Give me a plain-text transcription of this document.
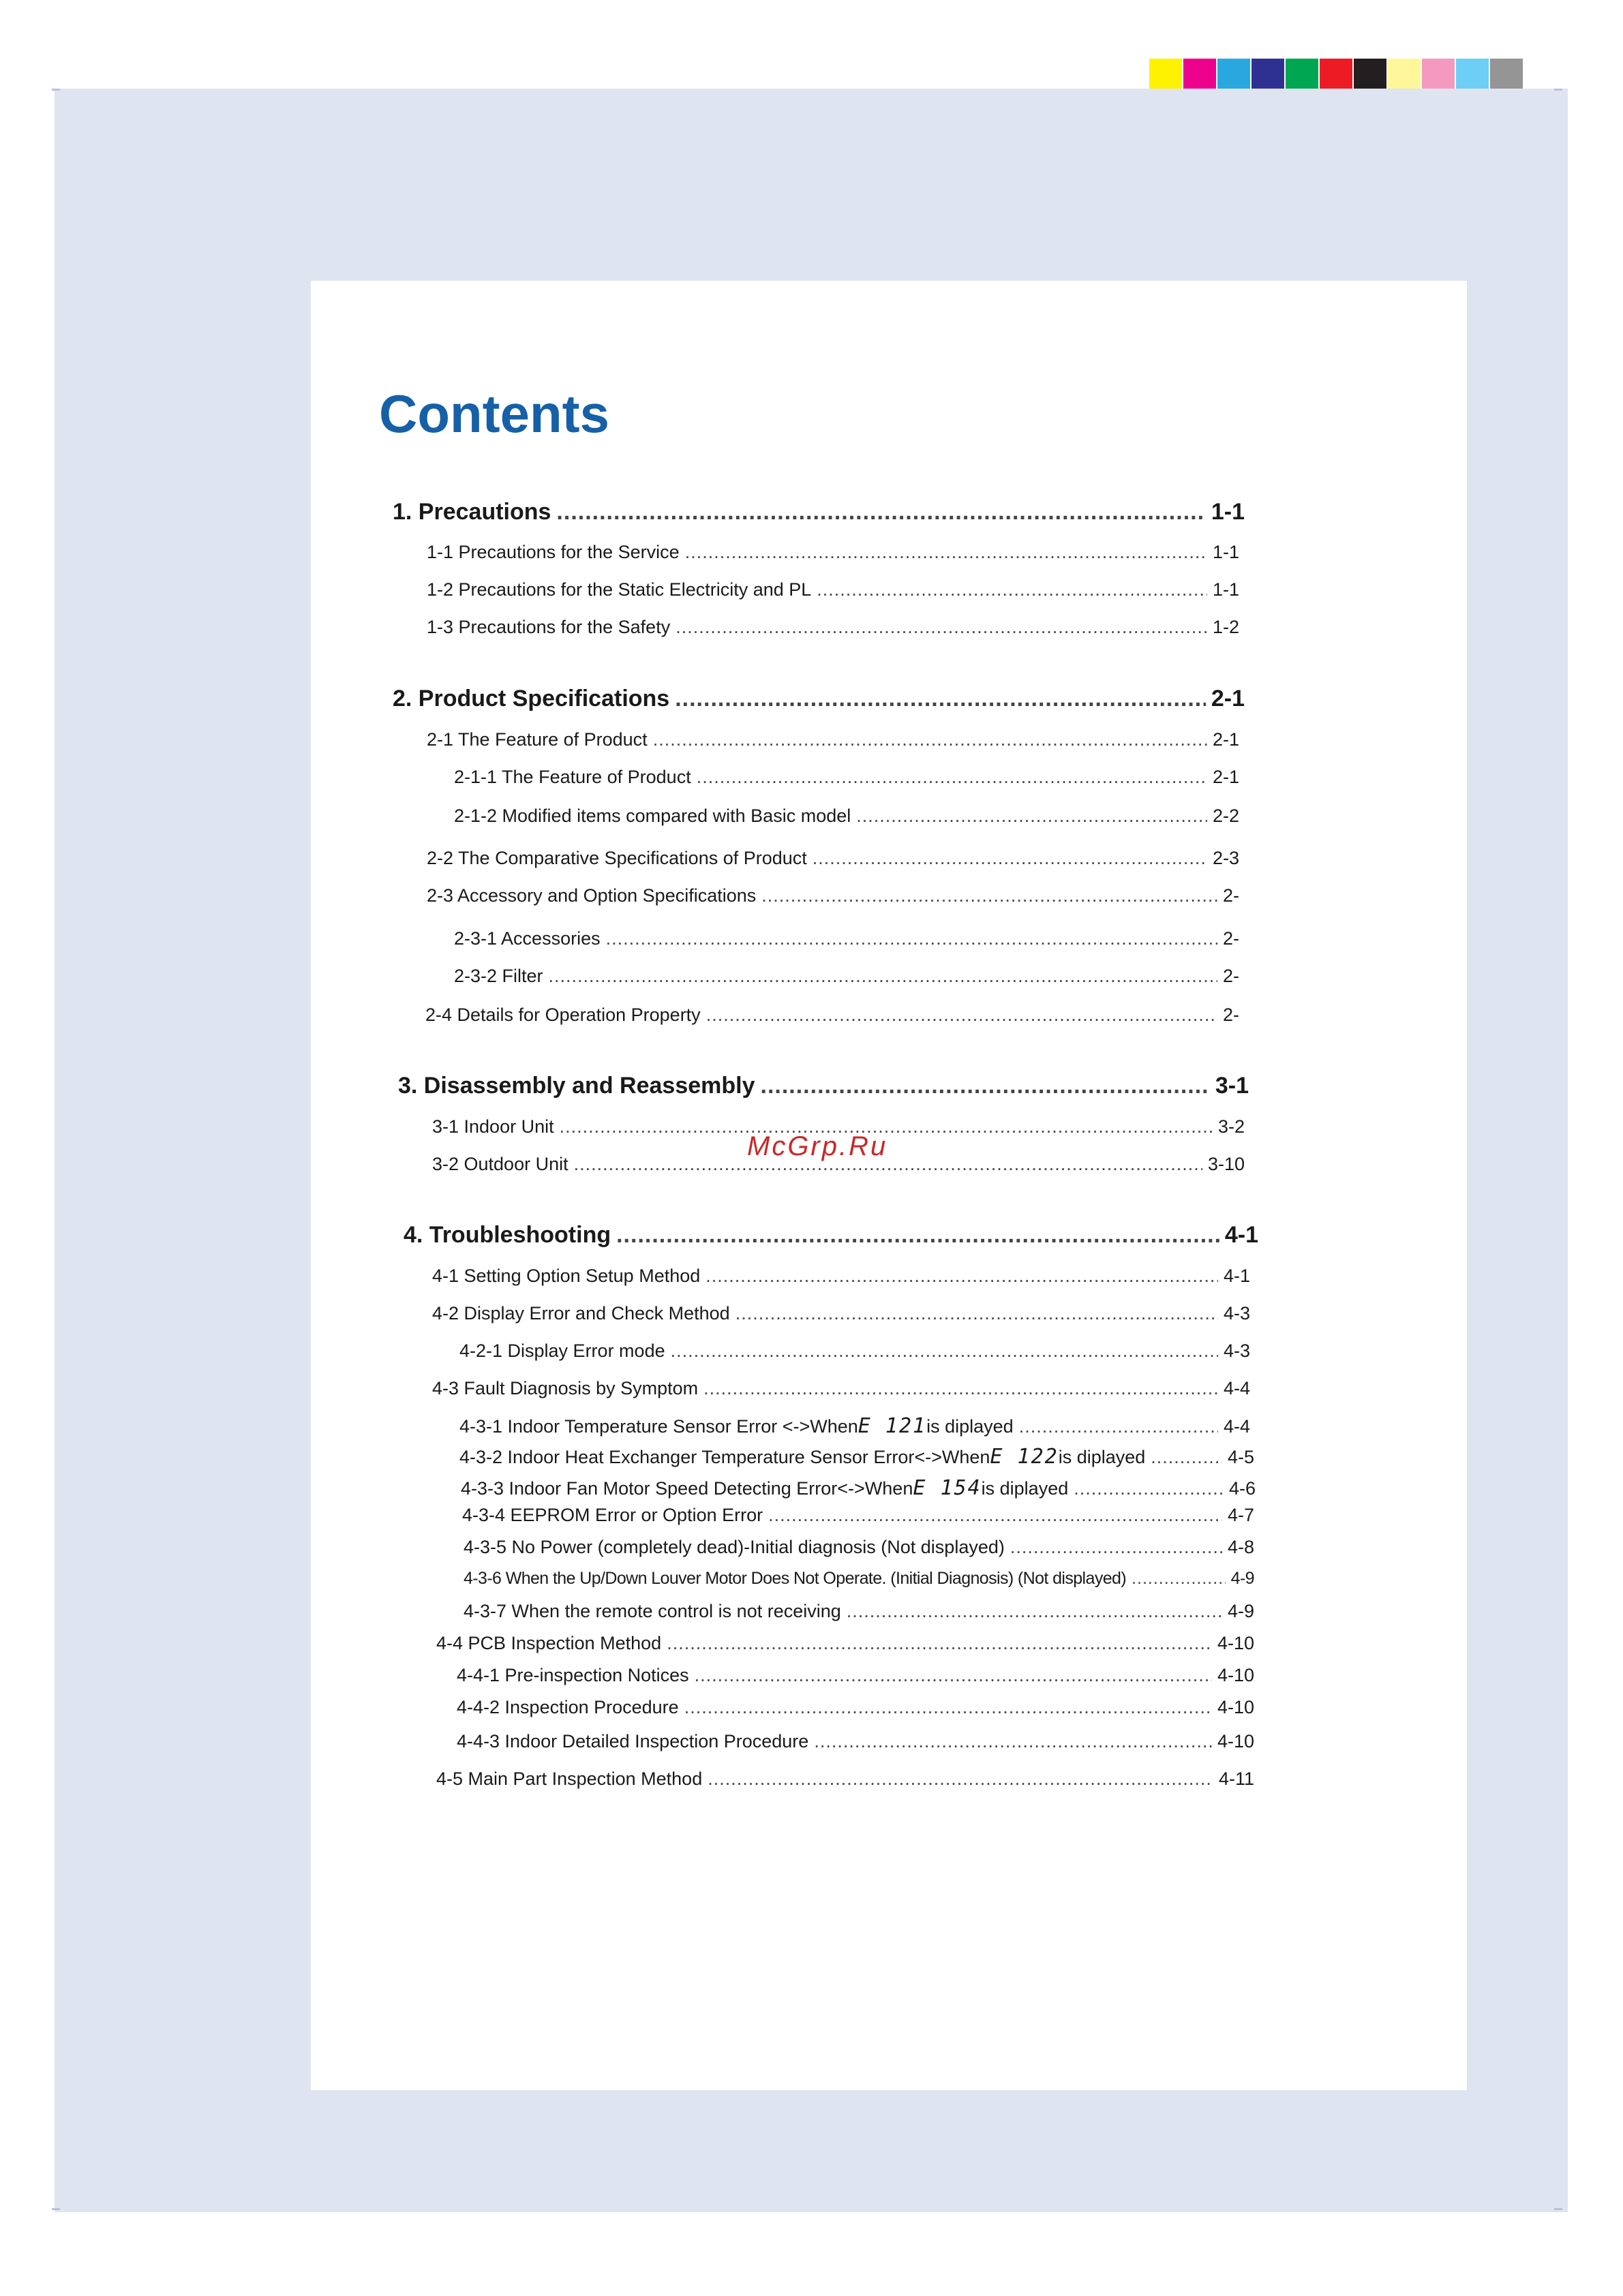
Contents
1. Precautions .....	1-1
1-1 Precautions for the Service .....	1-1
1-2 Precautions for the Static Electricity and PL .....	1-1
1-3 Precautions for the Safety .....	1-2
2. Product Specifications .....	2-1
2-1 The Feature of Product .....	2-1
2-1-1 The Feature of Product .....	2-1
2-1-2 Modified items compared with Basic model .....	2-2
2-2 The Comparative Specifications of Product .....	2-3
2-3 Accessory and Option Specifications .....	2-
2-3-1 Accessories .....	2-
2-3-2 Filter .....	2-
2-4 Details for Operation Property .....	2-
3. Disassembly and Reassembly .....	3-1
3-1 Indoor Unit .....	3-2
3-2 Outdoor Unit .....	3-10
4. Troubleshooting .....	4-1
4-1 Setting Option Setup Method .....	4-1
4-2 Display Error and Check Method .....	4-3
4-2-1 Display Error mode .....	4-3
4-3 Fault Diagnosis by Symptom .....	4-4
4-3-1 Indoor Temperature Sensor Error <->When E 121 is diplayed .....	4-4
4-3-2 Indoor Heat Exchanger Temperature Sensor Error<->When E 122 is diplayed .....	4-5
4-3-3 Indoor Fan Motor Speed Detecting Error<->When E 154 is diplayed .....	4-6
4-3-4 EEPROM Error or Option Error .....	4-7
4-3-5 No Power (completely dead)-Initial diagnosis (Not displayed) .....	4-8
4-3-6 When the Up/Down Louver Motor Does Not Operate. (Initial Diagnosis) (Not displayed) .....	4-9
4-3-7 When the remote control is not receiving .....	4-9
4-4 PCB Inspection Method .....	4-10
4-4-1 Pre-inspection Notices .....	4-10
4-4-2 Inspection Procedure .....	4-10
4-4-3 Indoor Detailed Inspection Procedure .....	4-10
4-5 Main Part Inspection Method .....	4-11
McGrp.Ru
